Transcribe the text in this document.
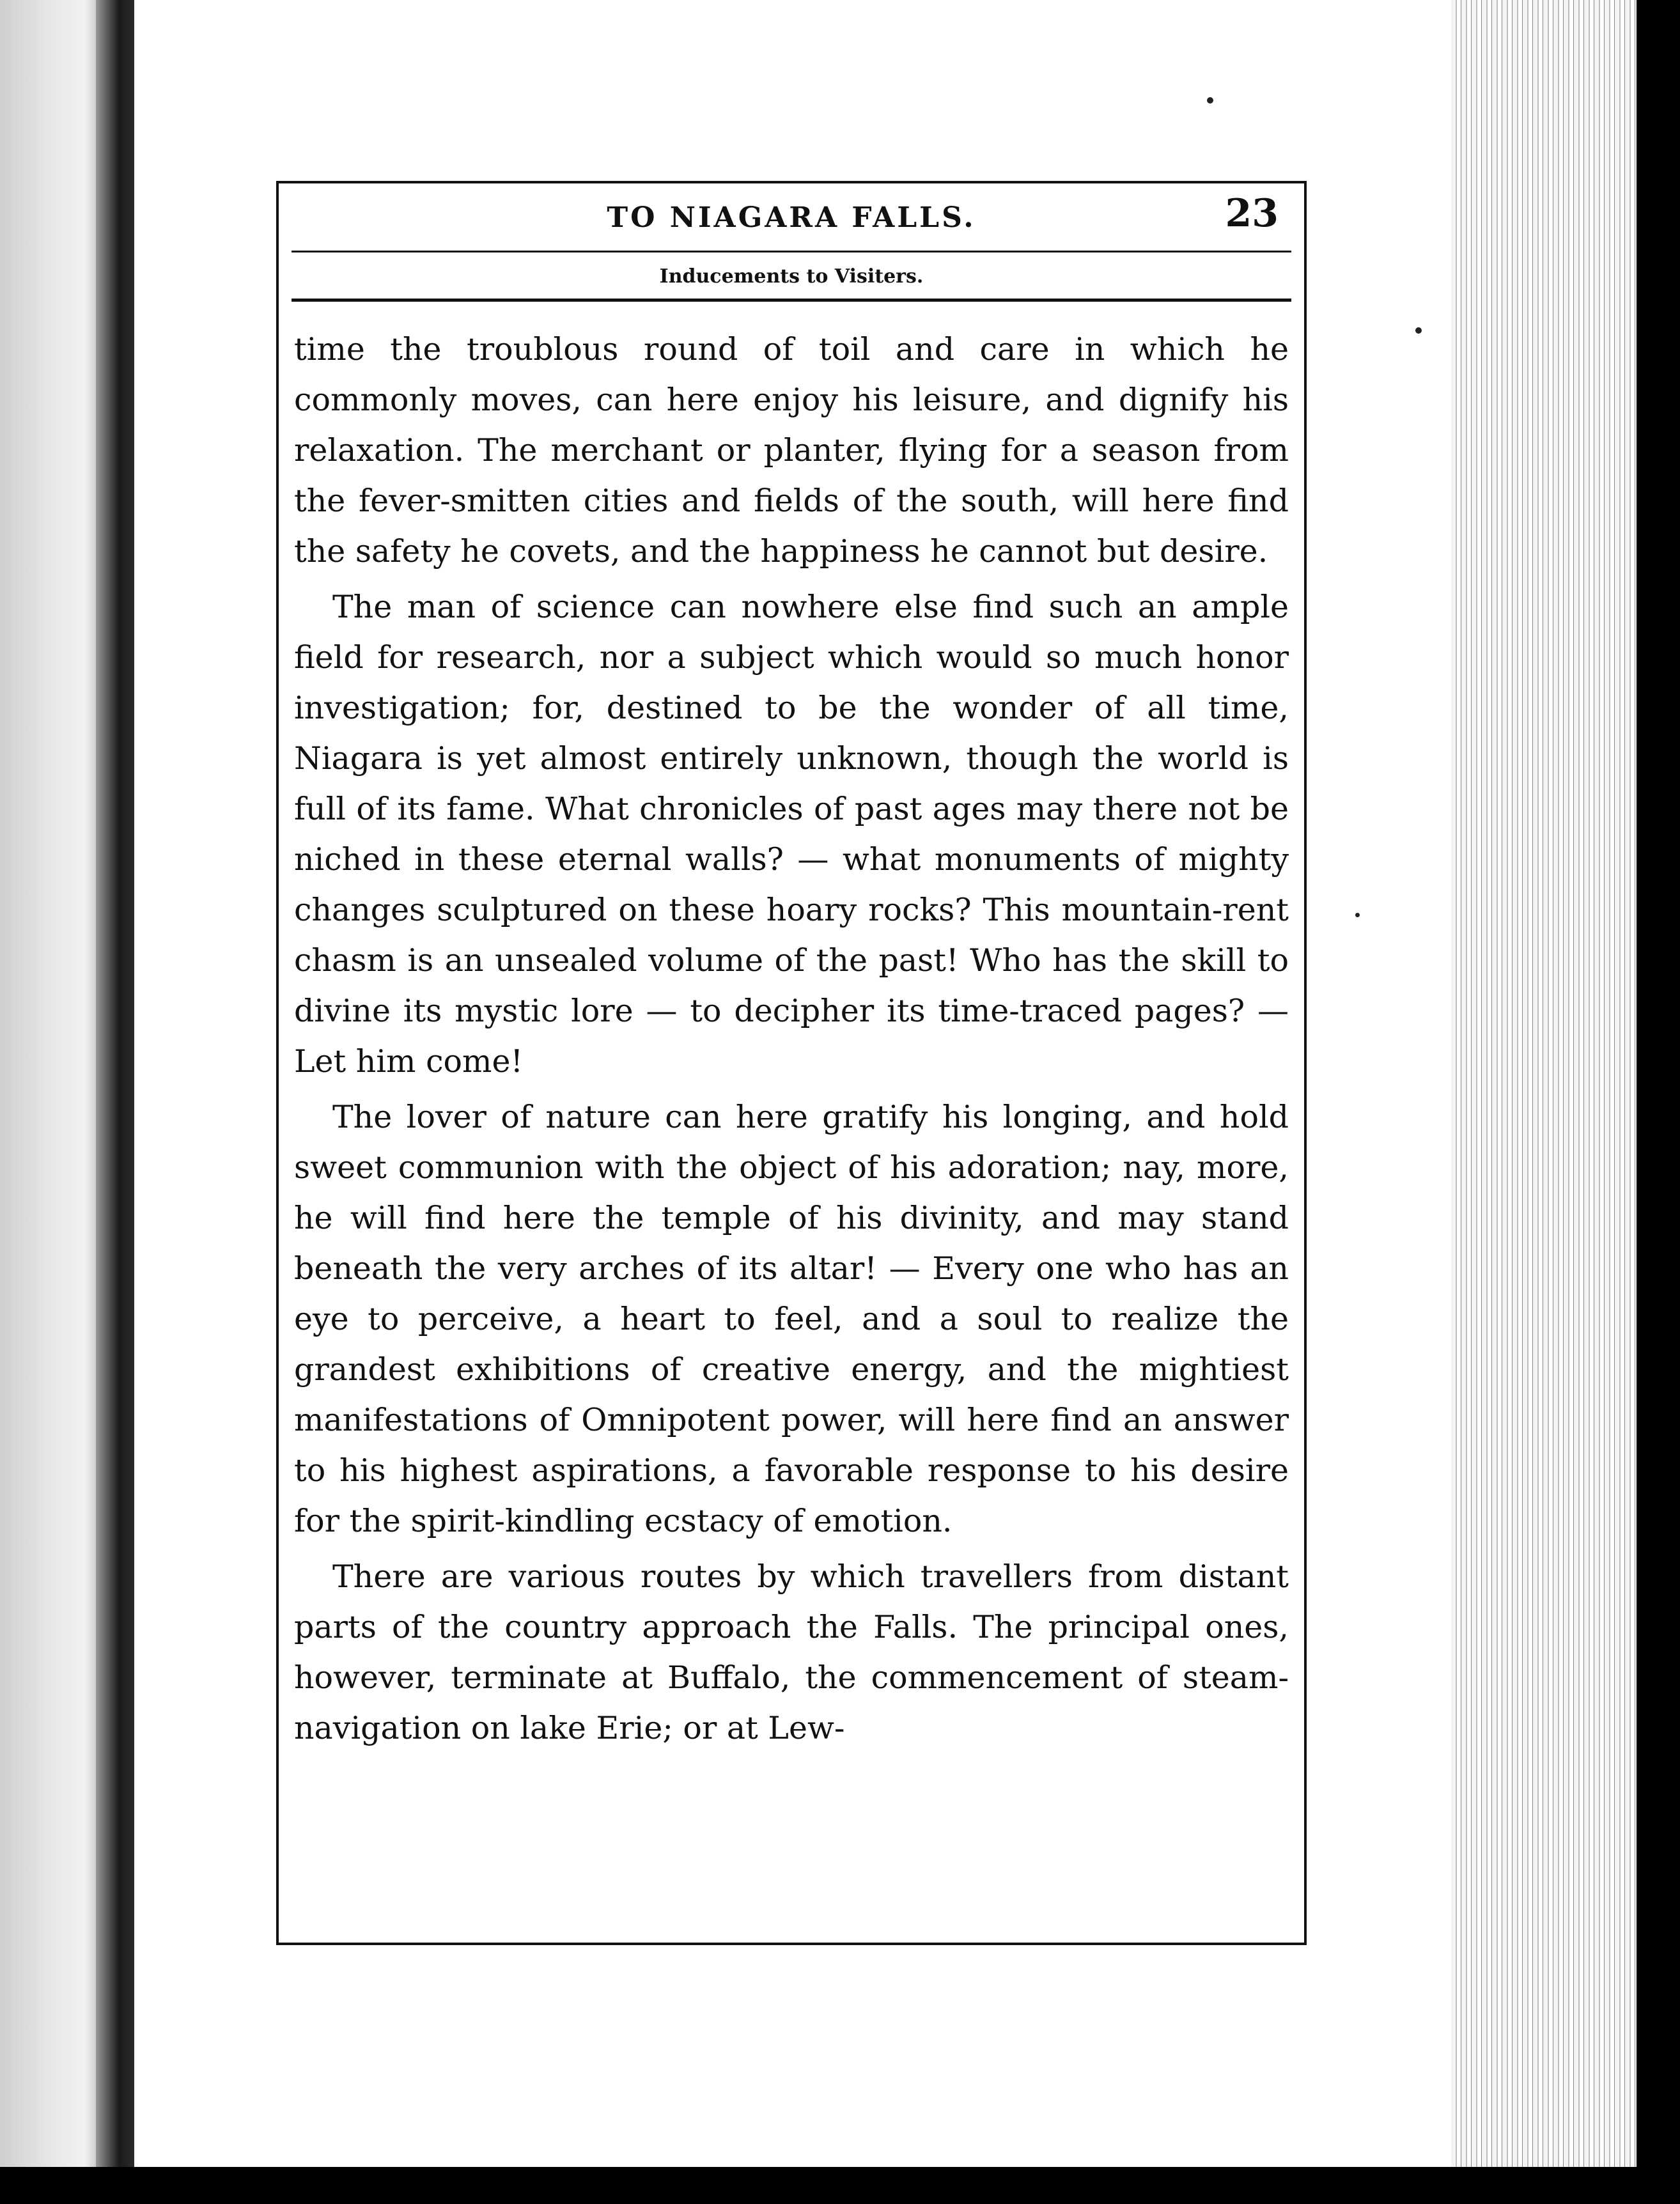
TO NIAGARA FALLS.	23
Inducements to Visiters.

time the troublous round of toil and care in which he commonly moves, can here enjoy his leisure, and dignify his relaxation. The merchant or planter, flying for a season from the fever-smitten cities and fields of the south, will here find the safety he covets, and the happiness he cannot but desire.

The man of science can nowhere else find such an ample field for research, nor a subject which would so much honor investigation; for, destined to be the wonder of all time, Niagara is yet almost entirely unknown, though the world is full of its fame. What chronicles of past ages may there not be niched in these eternal walls? — what monuments of mighty changes sculptured on these hoary rocks? This mountain-rent chasm is an unsealed volume of the past! Who has the skill to divine its mystic lore — to decipher its time-traced pages? — Let him come!

The lover of nature can here gratify his longing, and hold sweet communion with the object of his adoration; nay, more, he will find here the temple of his divinity, and may stand beneath the very arches of its altar! — Every one who has an eye to perceive, a heart to feel, and a soul to realize the grandest exhibitions of creative energy, and the mightiest manifestations of Omnipotent power, will here find an answer to his highest aspirations, a favorable response to his desire for the spirit-kindling ecstacy of emotion.

There are various routes by which travellers from distant parts of the country approach the Falls. The principal ones, however, terminate at Buffalo, the commencement of steam-navigation on lake Erie; or at Lew-
